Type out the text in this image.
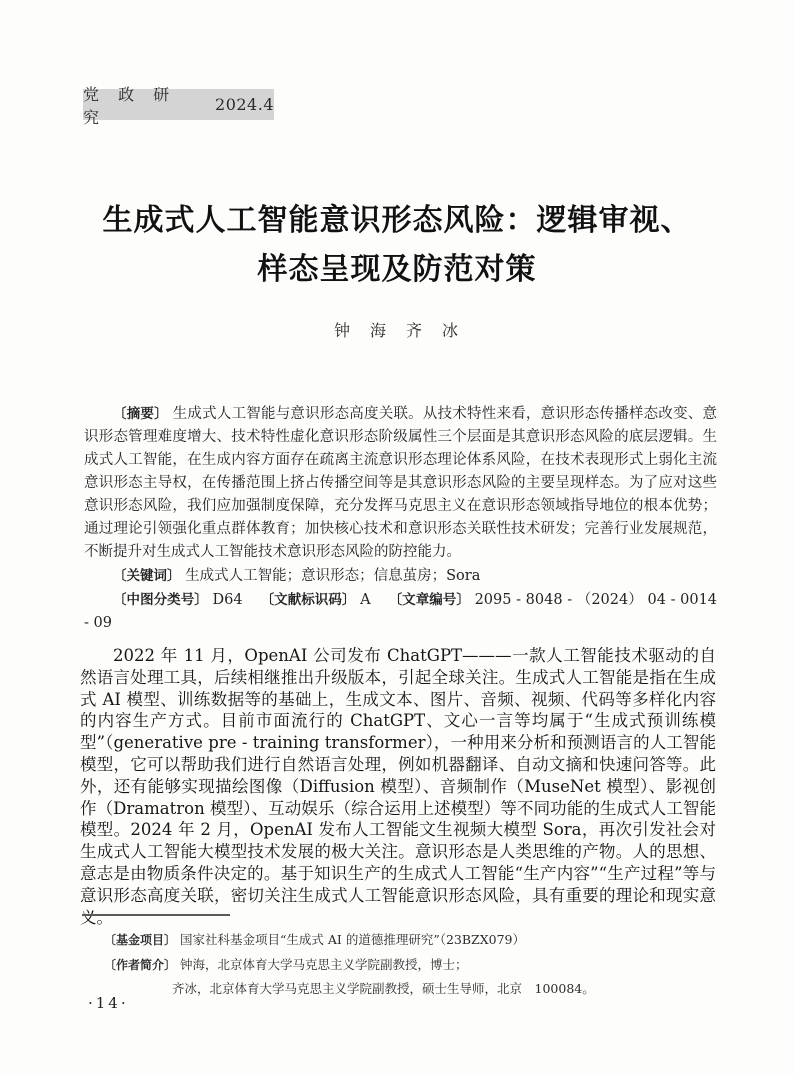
党 政 研 究
2024.4
生成式人工智能意识形态风险：逻辑审视、
样态呈现及防范对策
钟　海　齐　冰

〔摘要〕 生成式人工智能与意识形态高度关联。从技术特性来看，意识形态传播样态改变、意识形态管理难度增大、技术特性虚化意识形态阶级属性三个层面是其意识形态风险的底层逻辑。生成式人工智能，在生成内容方面存在疏离主流意识形态理论体系风险，在技术表现形式上弱化主流意识形态主导权，在传播范围上挤占传播空间等是其意识形态风险的主要呈现样态。为了应对这些意识形态风险，我们应加强制度保障，充分发挥马克思主义在意识形态领域指导地位的根本优势；通过理论引领强化重点群体教育；加快核心技术和意识形态关联性技术研发；完善行业发展规范，不断提升对生成式人工智能技术意识形态风险的防控能力。

〔关键词〕 生成式人工智能；意识形态；信息茧房；Sora

〔中图分类号〕 D64 〔文献标识码〕 A 〔文章编号〕 2095 - 8048 - （2024） 04 - 0014 - 09

2022 年 11 月，OpenAI 公司发布 ChatGPT———一款人工智能技术驱动的自然语言处理工具，后续相继推出升级版本，引起全球关注。生成式人工智能是指在生成式 AI 模型、训练数据等的基础上，生成文本、图片、音频、视频、代码等多样化内容的内容生产方式。目前市面流行的 ChatGPT、文心一言等均属于“生成式预训练模型”（generative pre - training transformer），一种用来分析和预测语言的人工智能模型，它可以帮助我们进行自然语言处理，例如机器翻译、自动文摘和快速问答等。此外，还有能够实现描绘图像（Diffusion 模型）、音频制作（MuseNet 模型）、影视创作（Dramatron 模型）、互动娱乐（综合运用上述模型）等不同功能的生成式人工智能模型。2024 年 2 月，OpenAI 发布人工智能文生视频大模型 Sora，再次引发社会对生成式人工智能大模型技术发展的极大关注。意识形态是人类思维的产物。人的思想、意志是由物质条件决定的。基于知识生产的生成式人工智能“生产内容”“生产过程”等与意识形态高度关联，密切关注生成式人工智能意识形态风险，具有重要的理论和现实意义。

〔基金项目〕 国家社科基金项目“生成式 AI 的道德推理研究”（23BZX079）
〔作者简介〕 钟海，北京体育大学马克思主义学院副教授，博士；
齐冰，北京体育大学马克思主义学院副教授，硕士生导师，北京　100084。
·14·
